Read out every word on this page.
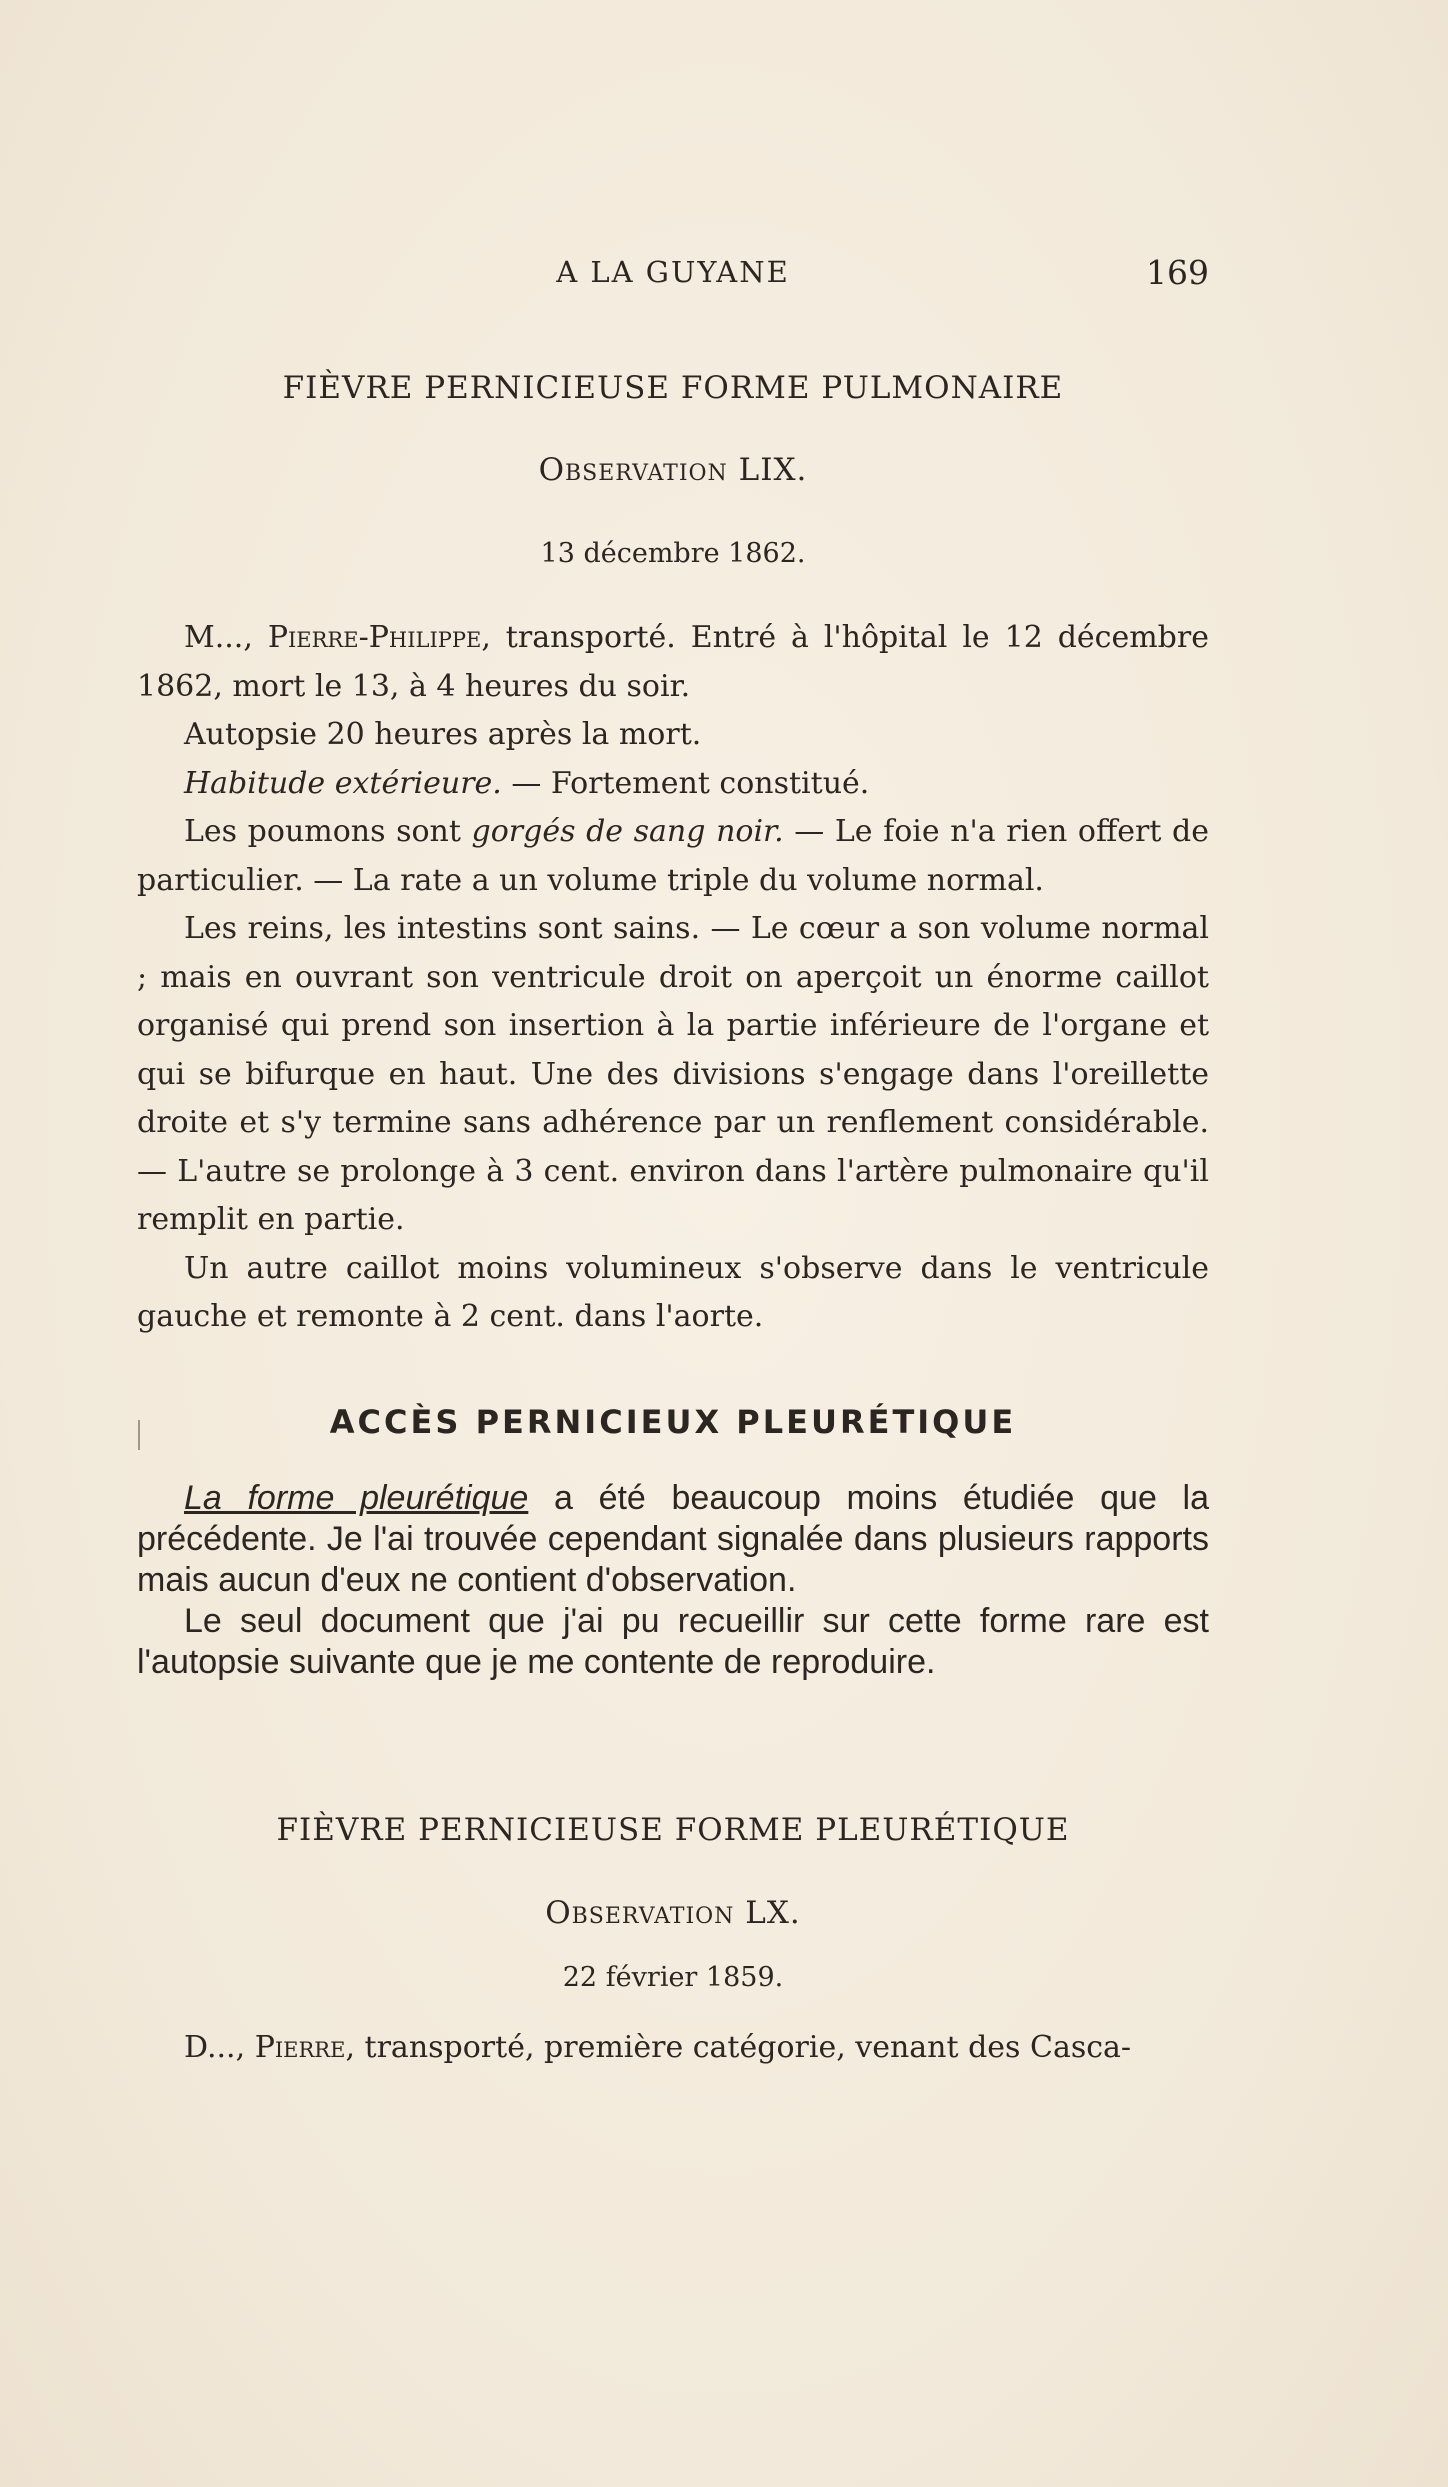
A LA GUYANE	169
FIÈVRE PERNICIEUSE FORME PULMONAIRE
Observation LIX.
13 décembre 1862.

M..., Pierre-Philippe, transporté. Entré à l'hôpital le 12 décembre 1862, mort le 13, à 4 heures du soir.

Autopsie 20 heures après la mort.

Habitude extérieure. — Fortement constitué.

Les poumons sont gorgés de sang noir. — Le foie n'a rien offert de particulier. — La rate a un volume triple du volume normal.

Les reins, les intestins sont sains. — Le cœur a son volume normal ; mais en ouvrant son ventricule droit on aperçoit un énorme caillot organisé qui prend son insertion à la partie inférieure de l'organe et qui se bifurque en haut. Une des divisions s'engage dans l'oreillette droite et s'y termine sans adhérence par un renflement considérable. — L'autre se prolonge à 3 cent. environ dans l'artère pulmonaire qu'il remplit en partie.

Un autre caillot moins volumineux s'observe dans le ventricule gauche et remonte à 2 cent. dans l'aorte.

ACCÈS PERNICIEUX PLEURÉTIQUE

La forme pleurétique a été beaucoup moins étudiée que la précédente. Je l'ai trouvée cependant signalée dans plusieurs rapports mais aucun d'eux ne contient d'observation.

Le seul document que j'ai pu recueillir sur cette forme rare est l'autopsie suivante que je me contente de reproduire.

FIÈVRE PERNICIEUSE FORME PLEURÉTIQUE
Observation LX.
22 février 1859.

D..., Pierre, transporté, première catégorie, venant des Casca-
